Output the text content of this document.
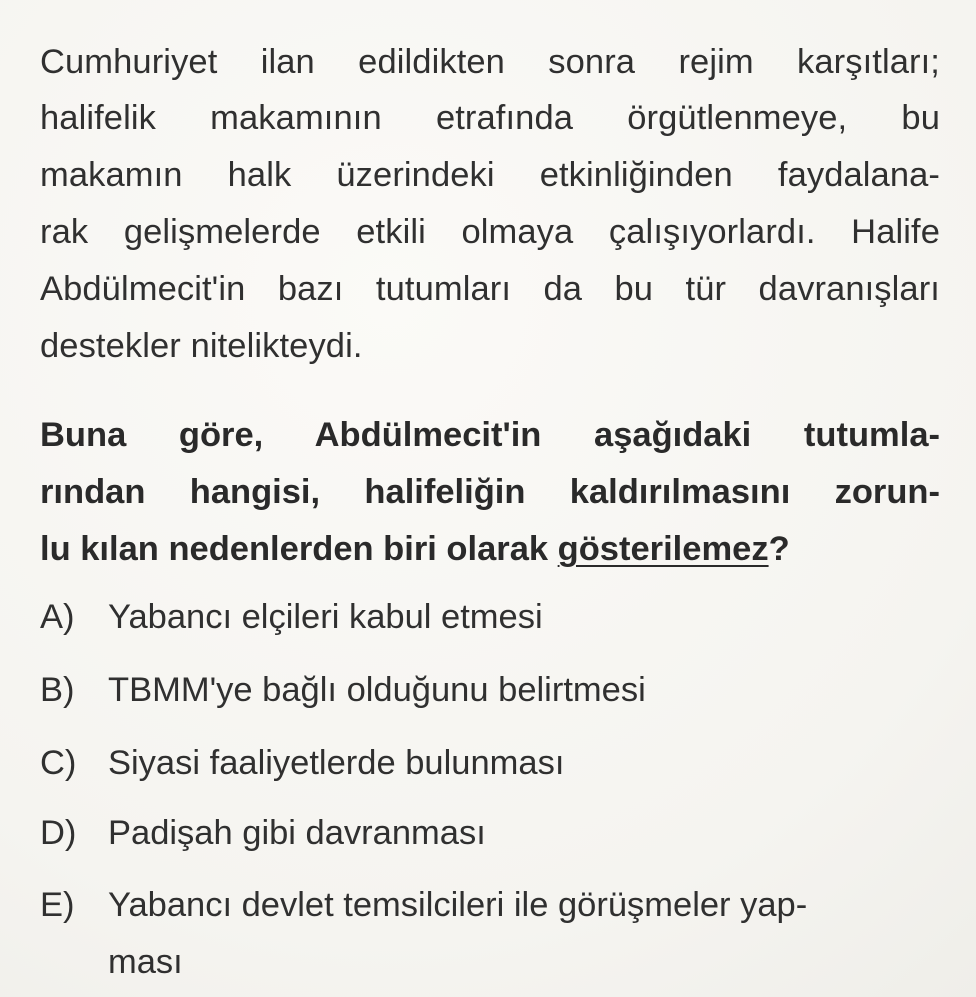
Cumhuriyet ilan edildikten sonra rejim karşıtları;
halifelik makamının etrafında örgütlenmeye, bu
makamın halk üzerindeki etkinliğinden faydalana-
rak gelişmelerde etkili olmaya çalışıyorlardı. Halife
Abdülmecit'in bazı tutumları da bu tür davranışları
destekler nitelikteydi.
Buna göre, Abdülmecit'in aşağıdaki tutumla-
rından hangisi, halifeliğin kaldırılmasını zorun-
lu kılan nedenlerden biri olarak gösterilemez?
A) Yabancı elçileri kabul etmesi
B) TBMM'ye bağlı olduğunu belirtmesi
C) Siyasi faaliyetlerde bulunması
D) Padişah gibi davranması
E) Yabancı devlet temsilcileri ile görüşmeler yap-
ması
